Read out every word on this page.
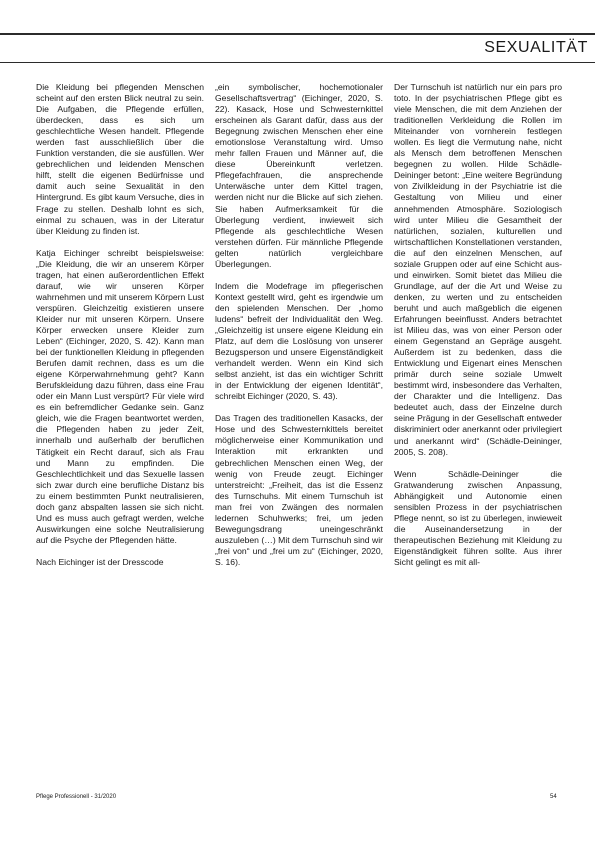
SEXUALITÄT

Die Kleidung bei pflegenden Menschen scheint auf den ersten Blick neutral zu sein. Die Aufgaben, die Pflegende erfüllen, überdecken, dass es sich um geschlechtliche Wesen handelt. Pflegende werden fast ausschließlich über die Funktion verstanden, die sie ausfüllen. Wer gebrechlichen und leidenden Menschen hilft, stellt die eigenen Bedürfnisse und damit auch seine Sexualität in den Hintergrund. Es gibt kaum Versuche, dies in Frage zu stellen. Deshalb lohnt es sich, einmal zu schauen, was in der Literatur über Kleidung zu finden ist.

Katja Eichinger schreibt beispielsweise: „Die Kleidung, die wir an unserem Körper tragen, hat einen außerordentlichen Effekt darauf, wie wir unseren Körper wahrnehmen und mit unserem Körpern Lust verspüren. Gleichzeitig existieren unsere Kleider nur mit unseren Körpern. Unsere Körper erwecken unsere Kleider zum Leben“ (Eichinger, 2020, S. 42). Kann man bei der funktionellen Kleidung in pflegenden Berufen damit rechnen, dass es um die eigene Körperwahrnehmung geht? Kann Berufskleidung dazu führen, dass eine Frau oder ein Mann Lust verspürt? Für viele wird es ein befremdlicher Gedanke sein. Ganz gleich, wie die Fragen beantwortet werden, die Pflegenden haben zu jeder Zeit, innerhalb und außerhalb der beruflichen Tätigkeit ein Recht darauf, sich als Frau und Mann zu empfinden. Die Geschlechtlichkeit und das Sexuelle lassen sich zwar durch eine berufliche Distanz bis zu einem bestimmten Punkt neutralisieren, doch ganz abspalten lassen sie sich nicht. Und es muss auch gefragt werden, welche Auswirkungen eine solche Neutralisierung auf die Psyche der Pflegenden hätte.

Nach Eichinger ist der Dresscode

„ein symbolischer, hochemotionaler Gesellschaftsvertrag“ (Eichinger, 2020, S. 22). Kasack, Hose und Schwesternkittel erscheinen als Garant dafür, dass aus der Begegnung zwischen Menschen eher eine emotionslose Veranstaltung wird. Umso mehr fallen Frauen und Männer auf, die diese Übereinkunft verletzen. Pflegefachfrauen, die ansprechende Unterwäsche unter dem Kittel tragen, werden nicht nur die Blicke auf sich ziehen. Sie haben Aufmerksamkeit für die Überlegung verdient, inwieweit sich Pflegende als geschlechtliche Wesen verstehen dürfen. Für männliche Pflegende gelten natürlich vergleichbare Überlegungen.

Indem die Modefrage im pflegerischen Kontext gestellt wird, geht es irgendwie um den spielenden Menschen. Der „homo ludens“ befreit der Individualität den Weg. „Gleichzeitig ist unsere eigene Kleidung ein Platz, auf dem die Loslösung von unserer Bezugsperson und unsere Eigenständigkeit verhandelt werden. Wenn ein Kind sich selbst anzieht, ist das ein wichtiger Schritt in der Entwicklung der eigenen Identität“, schreibt Eichinger (2020, S. 43).

Das Tragen des traditionellen Kasacks, der Hose und des Schwesternkittels bereitet möglicherweise einer Kommunikation und Interaktion mit erkrankten und gebrechlichen Menschen einen Weg, der wenig von Freude zeugt. Eichinger unterstreicht: „Freiheit, das ist die Essenz des Turnschuhs. Mit einem Turnschuh ist man frei von Zwängen des normalen ledernen Schuhwerks; frei, um jeden Bewegungsdrang uneingeschränkt auszuleben (…) Mit dem Turnschuh sind wir „frei von“ und „frei um zu“ (Eichinger, 2020, S. 16).

Der Turnschuh ist natürlich nur ein pars pro toto. In der psychiatrischen Pflege gibt es viele Menschen, die mit dem Anziehen der traditionellen Verkleidung die Rollen im Miteinander von vornherein festlegen wollen. Es liegt die Vermutung nahe, nicht als Mensch dem betroffenen Menschen begegnen zu wollen. Hilde Schädle-Deininger betont: „Eine weitere Begründung von Zivilkleidung in der Psychiatrie ist die Gestaltung von Milieu und einer annehmenden Atmosphäre. Soziologisch wird unter Milieu die Gesamtheit der natürlichen, sozialen, kulturellen und wirtschaftlichen Konstellationen verstanden, die auf den einzelnen Menschen, auf soziale Gruppen oder auf eine Schicht aus- und einwirken. Somit bietet das Milieu die Grundlage, auf der die Art und Weise zu denken, zu werten und zu entscheiden beruht und auch maßgeblich die eigenen Erfahrungen beeinflusst. Anders betrachtet ist Milieu das, was von einer Person oder einem Gegenstand an Gepräge ausgeht. Außerdem ist zu bedenken, dass die Entwicklung und Eigenart eines Menschen primär durch seine soziale Umwelt bestimmt wird, insbesondere das Verhalten, der Charakter und die Intelligenz. Das bedeutet auch, dass der Einzelne durch seine Prägung in der Gesellschaft entweder diskriminiert oder anerkannt oder privilegiert und anerkannt wird“ (Schädle-Deininger, 2005, S. 208).

Wenn Schädle-Deininger die Gratwanderung zwischen Anpassung, Abhängigkeit und Autonomie einen sensiblen Prozess in der psychiatrischen Pflege nennt, so ist zu überlegen, inwieweit die Auseinandersetzung in der therapeutischen Beziehung mit Kleidung zu Eigenständigkeit führen sollte. Aus ihrer Sicht gelingt es mit all-

Pflege Professionell - 31/2020	54
